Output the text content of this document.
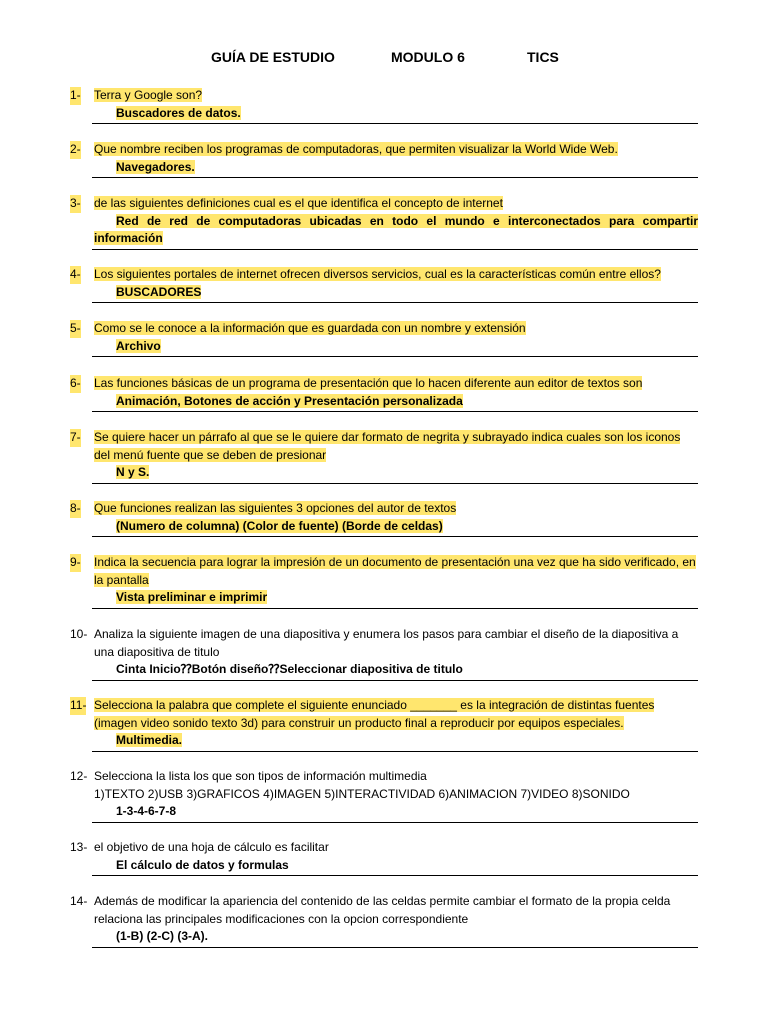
GUÍA DE ESTUDIO	MODULO 6	TICS
1- Terra y Google son?
Buscadores de datos.
2- Que nombre reciben los programas de computadoras, que permiten visualizar la World Wide Web.
Navegadores.
3- de las siguientes definiciones cual es el que identifica el concepto de internet
Red de red de computadoras ubicadas en todo el mundo e interconectados para compartir información
4- Los siguientes portales de internet ofrecen diversos servicios, cual es la características común entre ellos?
BUSCADORES
5- Como se le conoce a la información que es guardada con un nombre y extensión
Archivo
6- Las funciones básicas de un programa de presentación que lo hacen diferente aun editor de textos son
Animación, Botones de acción y Presentación personalizada
7- Se quiere hacer un párrafo al que se le quiere dar formato de negrita y subrayado indica cuales son los iconos del menú fuente que se deben de presionar
N y S.
8- Que funciones realizan las siguientes 3 opciones del autor de textos
(Numero de columna) (Color de fuente) (Borde de celdas)
9- Indica la secuencia para lograr la impresión de un documento de presentación una vez que ha sido verificado, en la pantalla
Vista preliminar e imprimir
10- Analiza la siguiente imagen de una diapositiva y enumera los pasos para cambiar el diseño de la diapositiva a una diapositiva de titulo
Cinta Inicio⁇Botón diseño⁇Seleccionar diapositiva de titulo
11- Selecciona la palabra que complete el siguiente enunciado _______ es la integración de distintas fuentes (imagen video sonido texto 3d) para construir un producto final a reproducir por equipos especiales.
Multimedia.
12- Selecciona la lista los que son tipos de información multimedia
1)TEXTO 2)USB 3)GRAFICOS 4)IMAGEN 5)INTERACTIVIDAD 6)ANIMACION 7)VIDEO 8)SONIDO
1-3-4-6-7-8
13- el objetivo de una hoja de cálculo es facilitar
El cálculo de datos y formulas
14- Además de modificar la apariencia del contenido de las celdas permite cambiar el formato de la propia celda relaciona las principales modificaciones con la opcion correspondiente
(1-B) (2-C) (3-A).
